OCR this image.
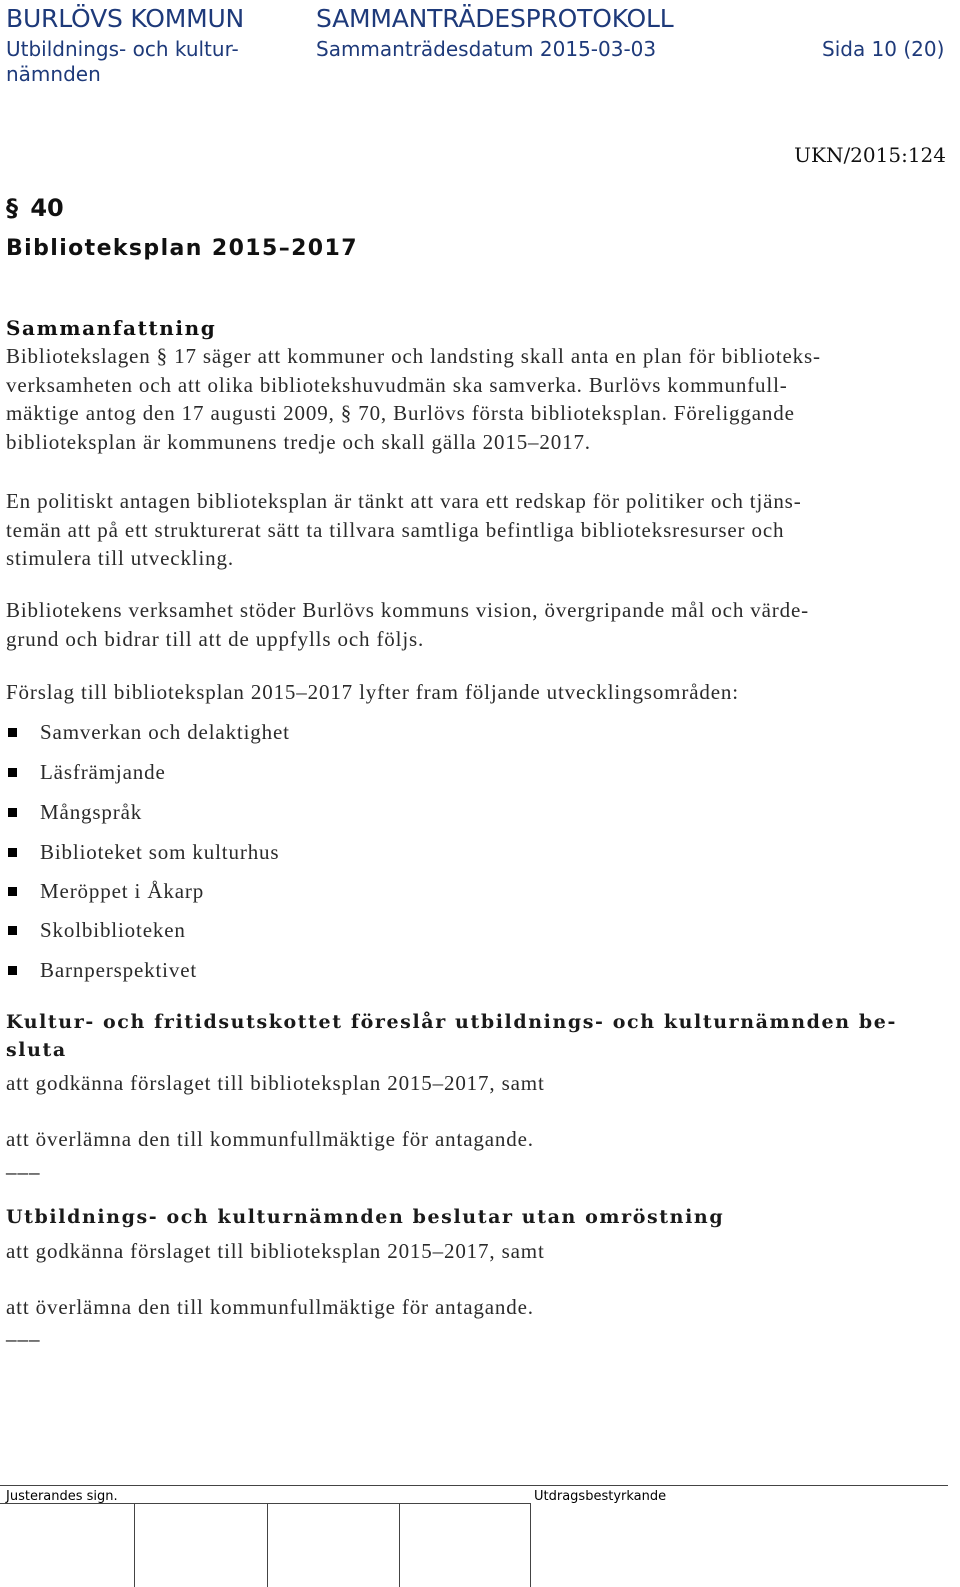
BURLÖVS KOMMUN	SAMMANTRÄDESPROTOKOLL
Utbildnings- och kultur-
nämnden
Sammanträdesdatum 2015-03-03	Sida 10 (20)
UKN/2015:124
§ 40
Biblioteksplan 2015–2017
Sammanfattning

Bibliotekslagen § 17 säger att kommuner och landsting skall anta en plan för biblioteks-
verksamheten och att olika bibliotekshuvudmän ska samverka. Burlövs kommunfull-
mäktige antog den 17 augusti 2009, § 70, Burlövs första biblioteksplan. Föreliggande
biblioteksplan är kommunens tredje och skall gälla 2015–2017.

En politiskt antagen biblioteksplan är tänkt att vara ett redskap för politiker och tjäns-
temän att på ett strukturerat sätt ta tillvara samtliga befintliga biblioteksresurser och
stimulera till utveckling.

Bibliotekens verksamhet stöder Burlövs kommuns vision, övergripande mål och värde-
grund och bidrar till att de uppfylls och följs.

Förslag till biblioteksplan 2015–2017 lyfter fram följande utvecklingsområden:

Samverkan och delaktighet
Läsfrämjande
Mångspråk
Biblioteket som kulturhus
Meröppet i Åkarp
Skolbiblioteken
Barnperspektivet
Kultur- och fritidsutskottet föreslår utbildnings- och kulturnämnden be-
sluta

att godkänna förslaget till biblioteksplan 2015–2017, samt

att överlämna den till kommunfullmäktige för antagande.

___
Utbildnings- och kulturnämnden beslutar utan omröstning

att godkänna förslaget till biblioteksplan 2015–2017, samt

att överlämna den till kommunfullmäktige för antagande.

___
Justerandes sign.	Utdragsbestyrkande
